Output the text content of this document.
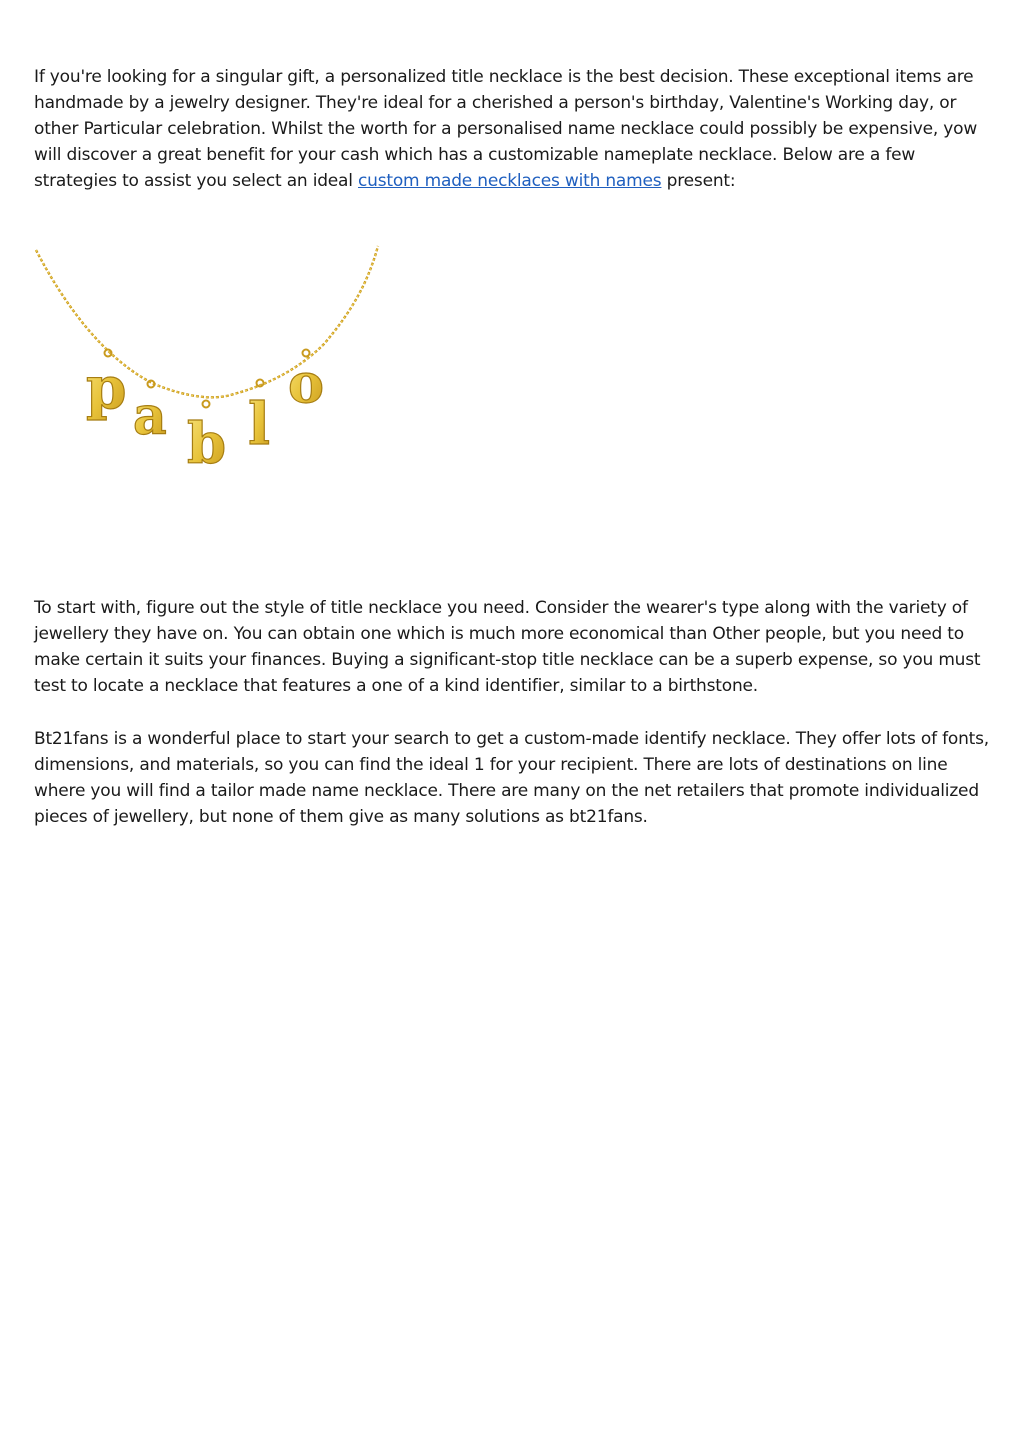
If you're looking for a singular gift, a personalized title necklace is the best decision. These exceptional items are handmade by a jewelry designer. They're ideal for a cherished a person's birthday, Valentine's Working day, or other Particular celebration. Whilst the worth for a personalised name necklace could possibly be expensive, yow will discover a great benefit for your cash which has a customizable nameplate necklace. Below are a few strategies to assist you select an ideal custom made necklaces with names present:

p a b l
o

To start with, figure out the style of title necklace you need. Consider the wearer's type along with the variety of jewellery they have on. You can obtain one which is much more economical than Other people, but you need to make certain it suits your finances. Buying a significant-stop title necklace can be a superb expense, so you must test to locate a necklace that features a one of a kind identifier, similar to a birthstone.

Bt21fans is a wonderful place to start your search to get a custom-made identify necklace. They offer lots of fonts, dimensions, and materials, so you can find the ideal 1 for your recipient. There are lots of destinations on line where you will find a tailor made name necklace. There are many on the net retailers that promote individualized pieces of jewellery, but none of them give as many solutions as bt21fans.
